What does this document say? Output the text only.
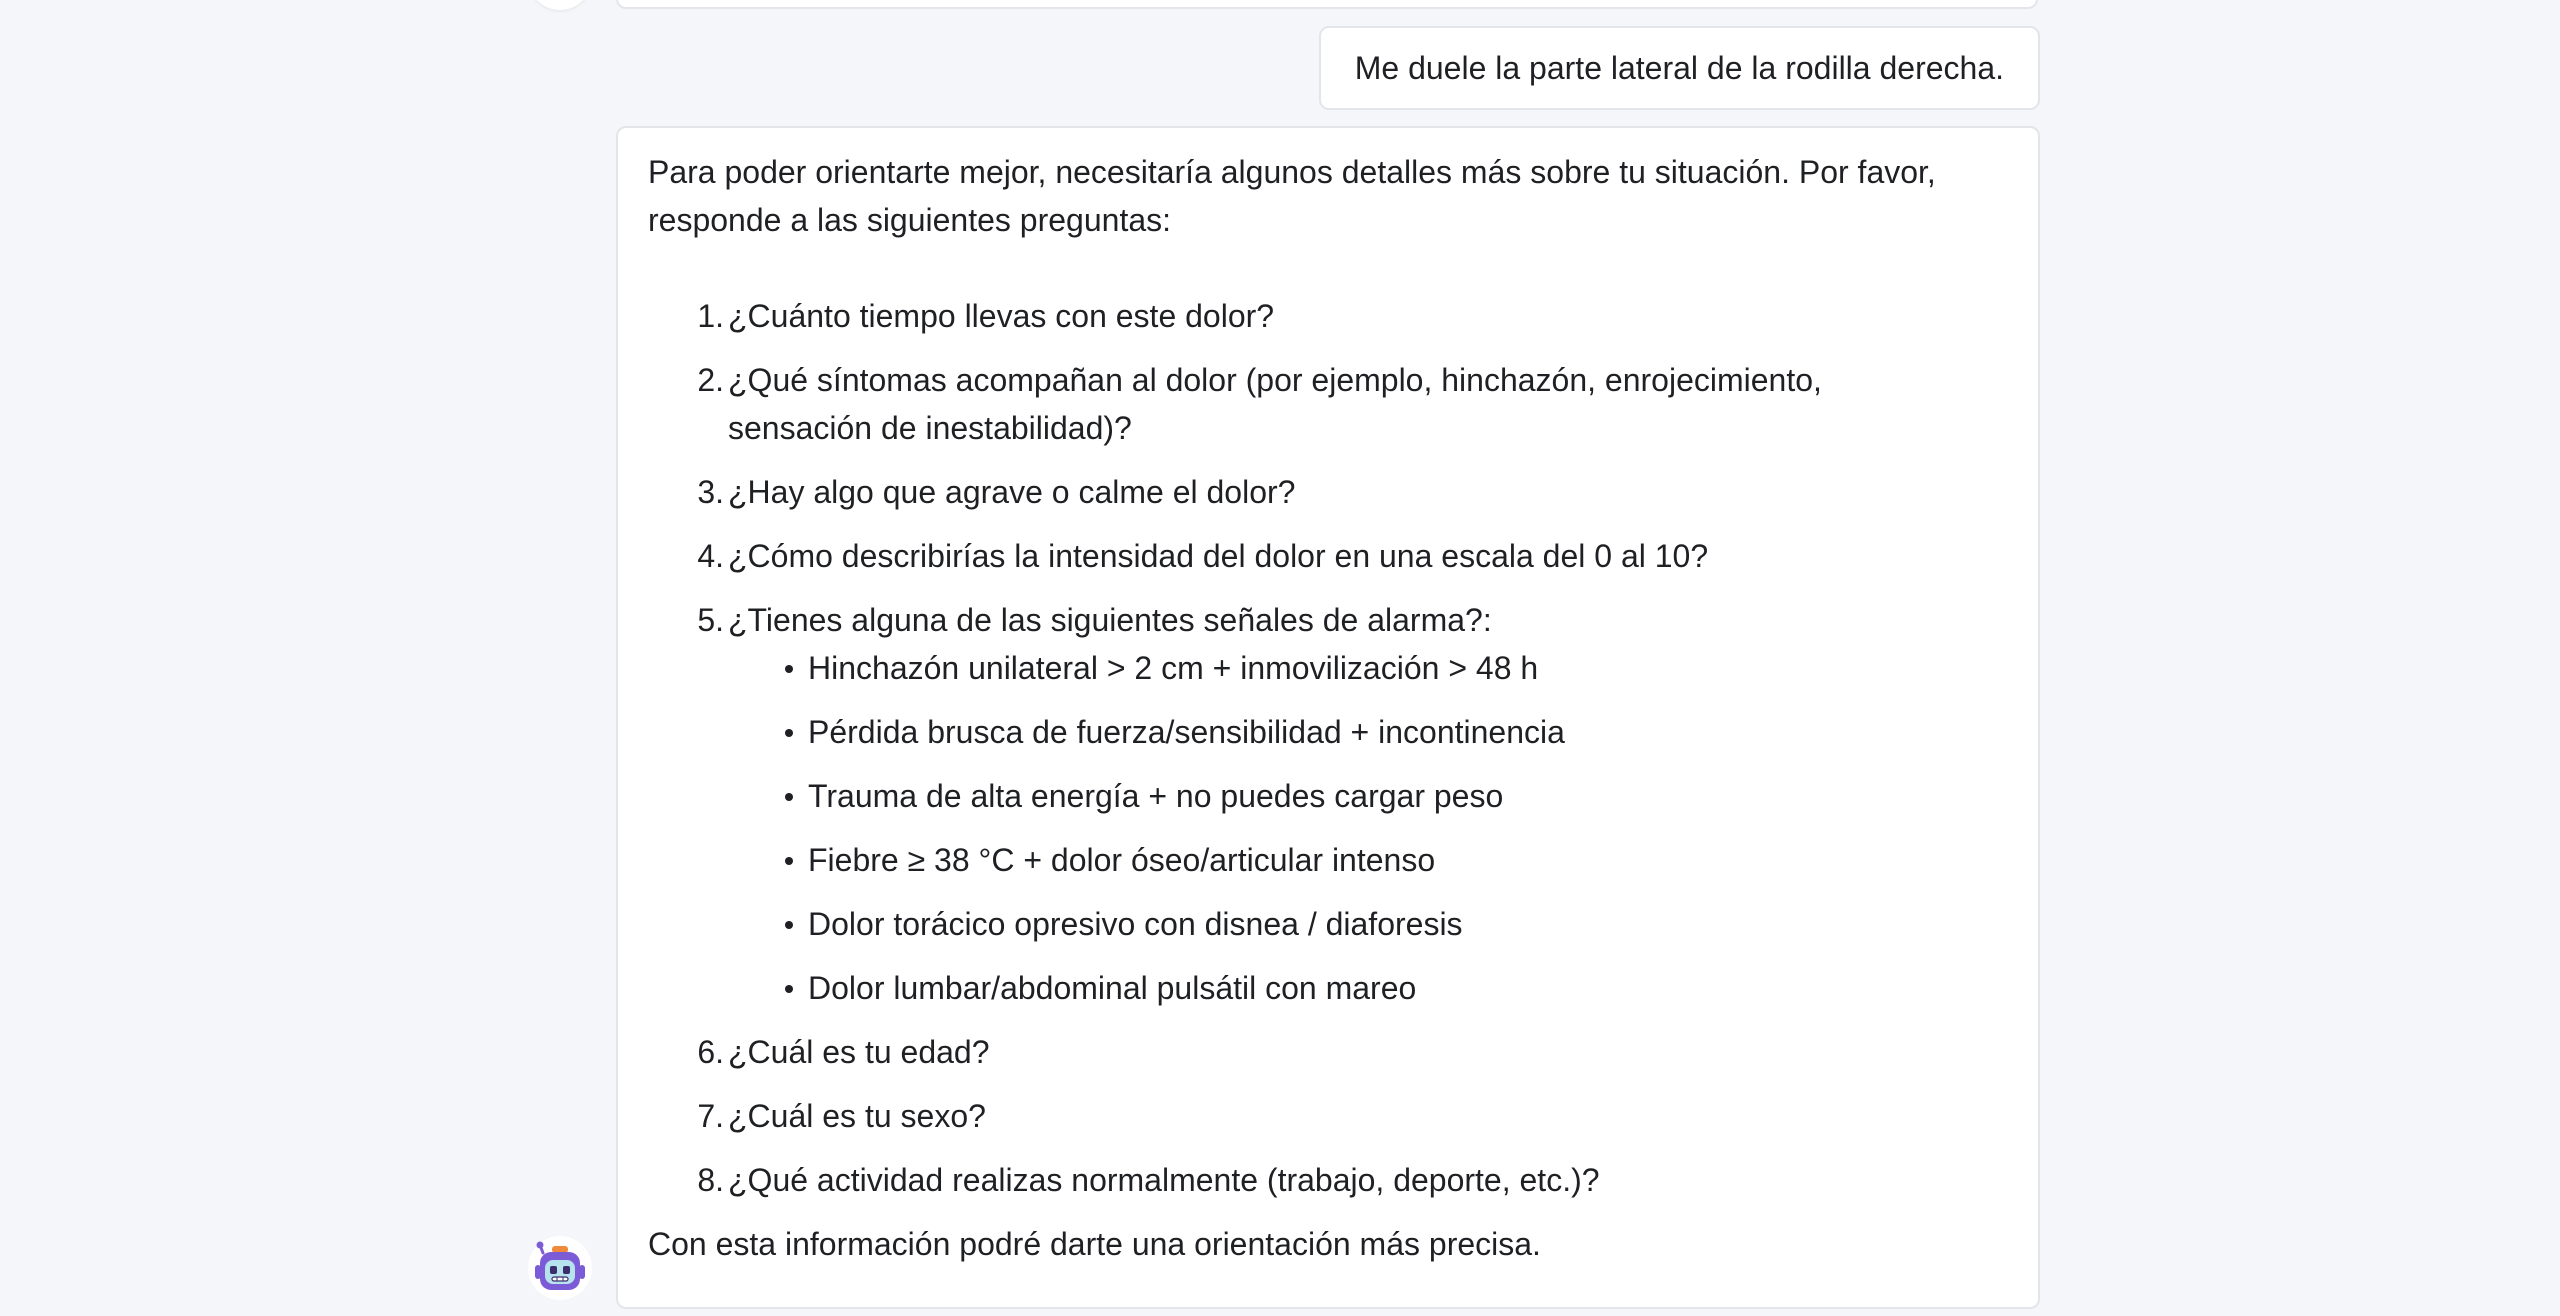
Me duele la parte lateral de la rodilla derecha.

Para poder orientarte mejor, necesitaría algunos detalles más sobre tu situación. Por favor, responde a las siguientes preguntas:

1. ¿Cuánto tiempo llevas con este dolor?
2. ¿Qué síntomas acompañan al dolor (por ejemplo, hinchazón, enrojecimiento, sensación de inestabilidad)?
3. ¿Hay algo que agrave o calme el dolor?
4. ¿Cómo describirías la intensidad del dolor en una escala del 0 al 10?
5. ¿Tienes alguna de las siguientes señales de alarma?:
Hinchazón unilateral > 2 cm + inmovilización > 48 h
Pérdida brusca de fuerza/sensibilidad + incontinencia
Trauma de alta energía + no puedes cargar peso
Fiebre ≥ 38 °C + dolor óseo/articular intenso
Dolor torácico opresivo con disnea / diaforesis
Dolor lumbar/abdominal pulsátil con mareo
6. ¿Cuál es tu edad?
7. ¿Cuál es tu sexo?
8. ¿Qué actividad realizas normalmente (trabajo, deporte, etc.)?

Con esta información podré darte una orientación más precisa.
